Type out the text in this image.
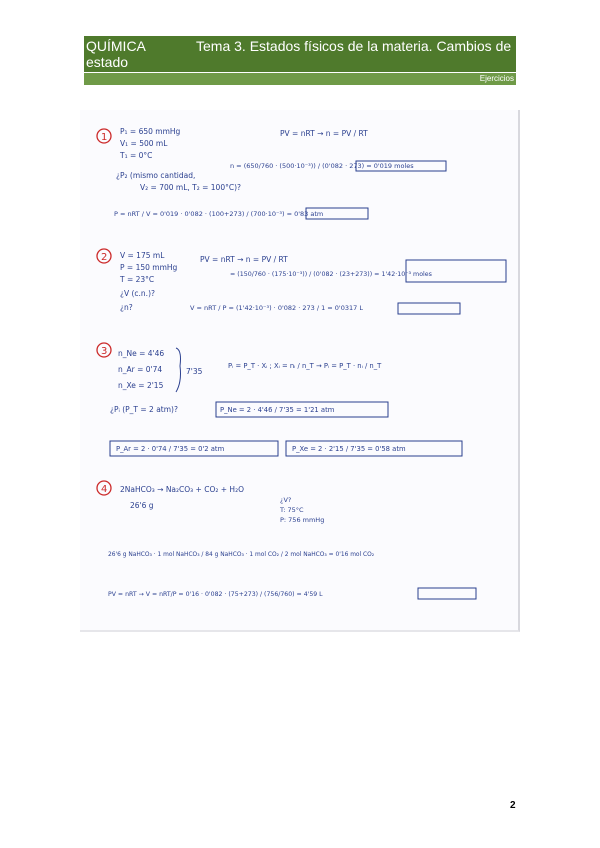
QUÍMICA	Tema 3. Estados físicos de la materia. Cambios de
estado
Ejercicios
1
P₁ = 650 mmHg
V₁ = 500 mL
T₁ = 0°C
¿P₂ (mismo cantidad,
V₂ = 700 mL, T₂ = 100°C)?
PV = nRT → n = PV / RT
n = (650/760 · (500·10⁻³)) / (0'082 · 273) = 0'019 moles
P = nRT / V = 0'019 · 0'082 · (100+273) / (700·10⁻³) = 0'83 atm
2 V = 175 mL
P = 150 mmHg
T = 23°C
¿V (c.n.)?
¿n?
PV = nRT → n = PV / RT
= (150/760 · (175·10⁻³)) / (0'082 · (23+273)) = 1'42·10⁻³ moles
V = nRT / P = (1'42·10⁻³) · 0'082 · 273 / 1 = 0'0317 L
3 n_Ne = 4'46
n_Ar = 0'74
n_Xe = 2'15
7'35
Pᵢ = P_T · Xᵢ ; Xᵢ = nᵢ / n_T → Pᵢ = P_T · nᵢ / n_T
¿Pᵢ (P_T = 2 atm)?	P_Ne = 2 · 4'46 / 7'35 = 1'21 atm
P_Ar = 2 · 0'74 / 7'35 = 0'2 atm	P_Xe = 2 · 2'15 / 7'35 = 0'58 atm
4 2NaHCO₃ → Na₂CO₃ + CO₂ + H₂O
26'6 g
¿V?
T: 75°C
P: 756 mmHg
26'6 g NaHCO₃ · 1 mol NaHCO₃ / 84 g NaHCO₃ · 1 mol CO₂ / 2 mol NaHCO₃ = 0'16 mol CO₂
PV = nRT → V = nRT/P = 0'16 · 0'082 · (75+273) / (756/760) = 4'59 L
2
